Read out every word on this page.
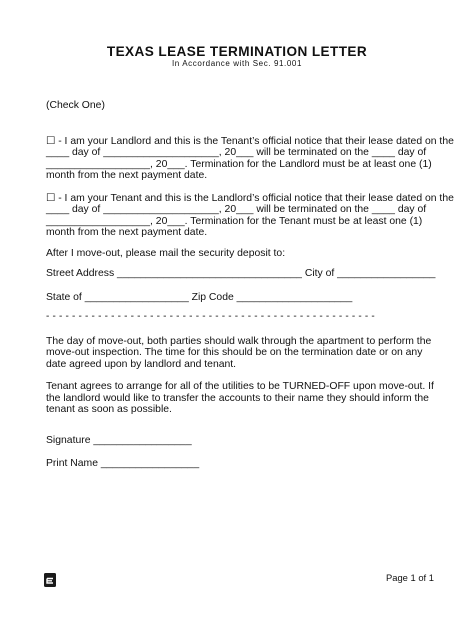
TEXAS LEASE TERMINATION LETTER
In Accordance with Sec. 91.001
(Check One)
☐ - I am your Landlord and this is the Tenant’s official notice that their lease dated on the
____ day of ____________________, 20___ will be terminated on the ____ day of
__________________, 20___. Termination for the Landlord must be at least one (1)
month from the next payment date.
☐ - I am your Tenant and this is the Landlord’s official notice that their lease dated on the
____ day of ____________________, 20___ will be terminated on the ____ day of
__________________, 20___. Termination for the Tenant must be at least one (1)
month from the next payment date.
After I move-out, please mail the security deposit to:
Street Address ________________________________ City of _________________
State of __________________ Zip Code ____________________
- - - - - - - - - - - - - - - - - - - - - - - - - - - - - - - - - - - - - - - - - - - - - - - - - - -
The day of move-out, both parties should walk through the apartment to perform the
move-out inspection. The time for this should be on the termination date or on any
date agreed upon by landlord and tenant.
Tenant agrees to arrange for all of the utilities to be TURNED-OFF upon move-out. If
the landlord would like to transfer the accounts to their name they should inform the
tenant as soon as possible.
Signature _________________
Print Name _________________
Page 1 of 1
